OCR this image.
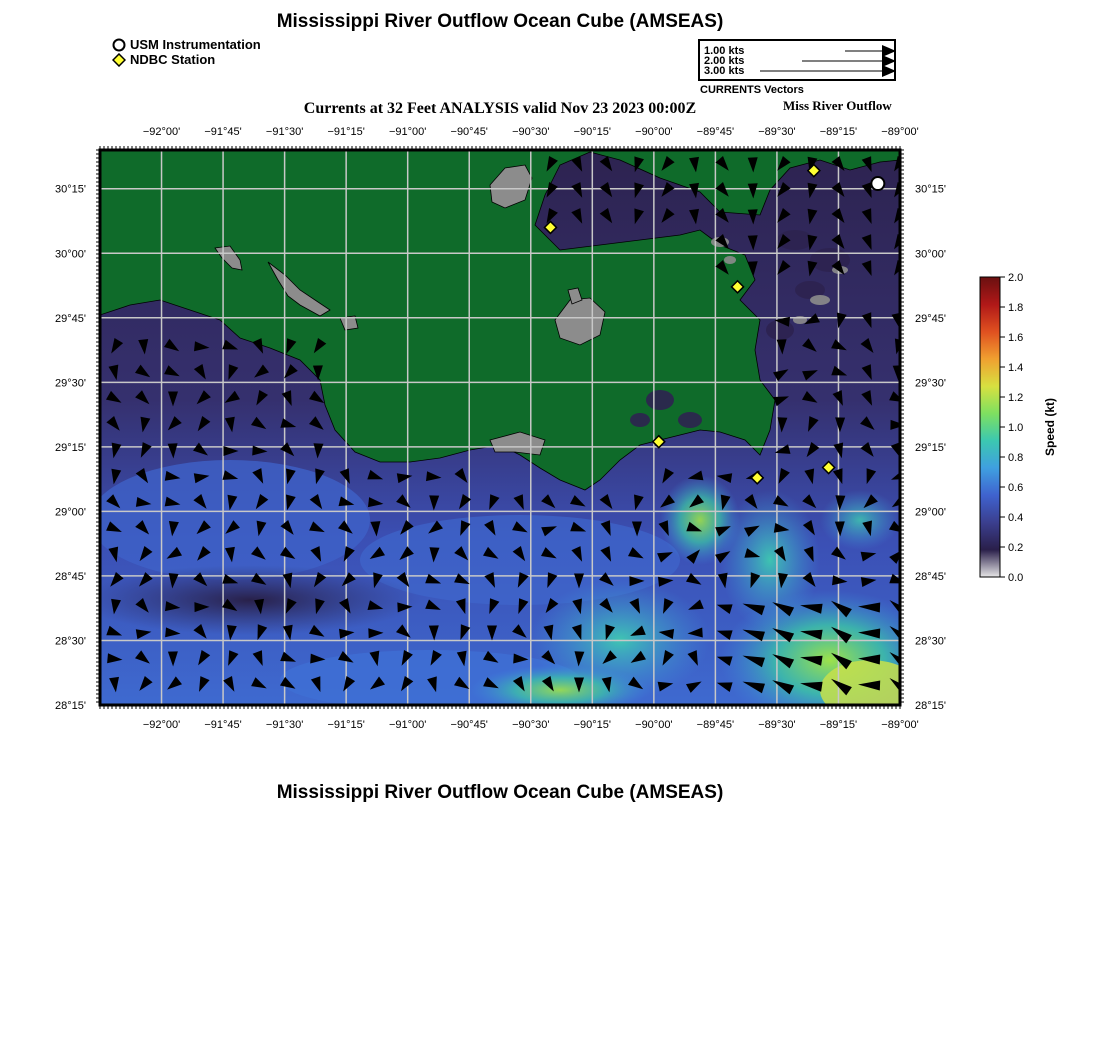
Mississippi River Outflow Ocean Cube (AMSEAS)
USM Instrumentation
NDBC Station
1.00 kts
2.00 kts
3.00 kts
CURRENTS Vectors
Currents at 32 Feet ANALYSIS valid Nov 23 2023 00:00Z	Miss River Outflow
−92°00' −91°45' −91°30' −91°15' −91°00' −90°45' −90°30' −90°15' −90°00' −89°45' −89°30' −89°15' −89°00'
−92°00' −91°45' −91°30' −91°15' −91°00' −90°45' −90°30' −90°15' −90°00' −89°45' −89°30' −89°15' −89°00'
30°15'
30°00'
29°45'
29°30'
29°15'
29°00'
28°45'
28°30'
28°15'
30°15'
30°00'
29°45'
29°30'
29°15'
29°00'
28°45'
28°30'
28°15'
2.0
1.8
1.6
1.4
1.2
1.0
0.8
0.6
0.4
0.2
0.0
Speed (kt)
Mississippi River Outflow Ocean Cube (AMSEAS)
